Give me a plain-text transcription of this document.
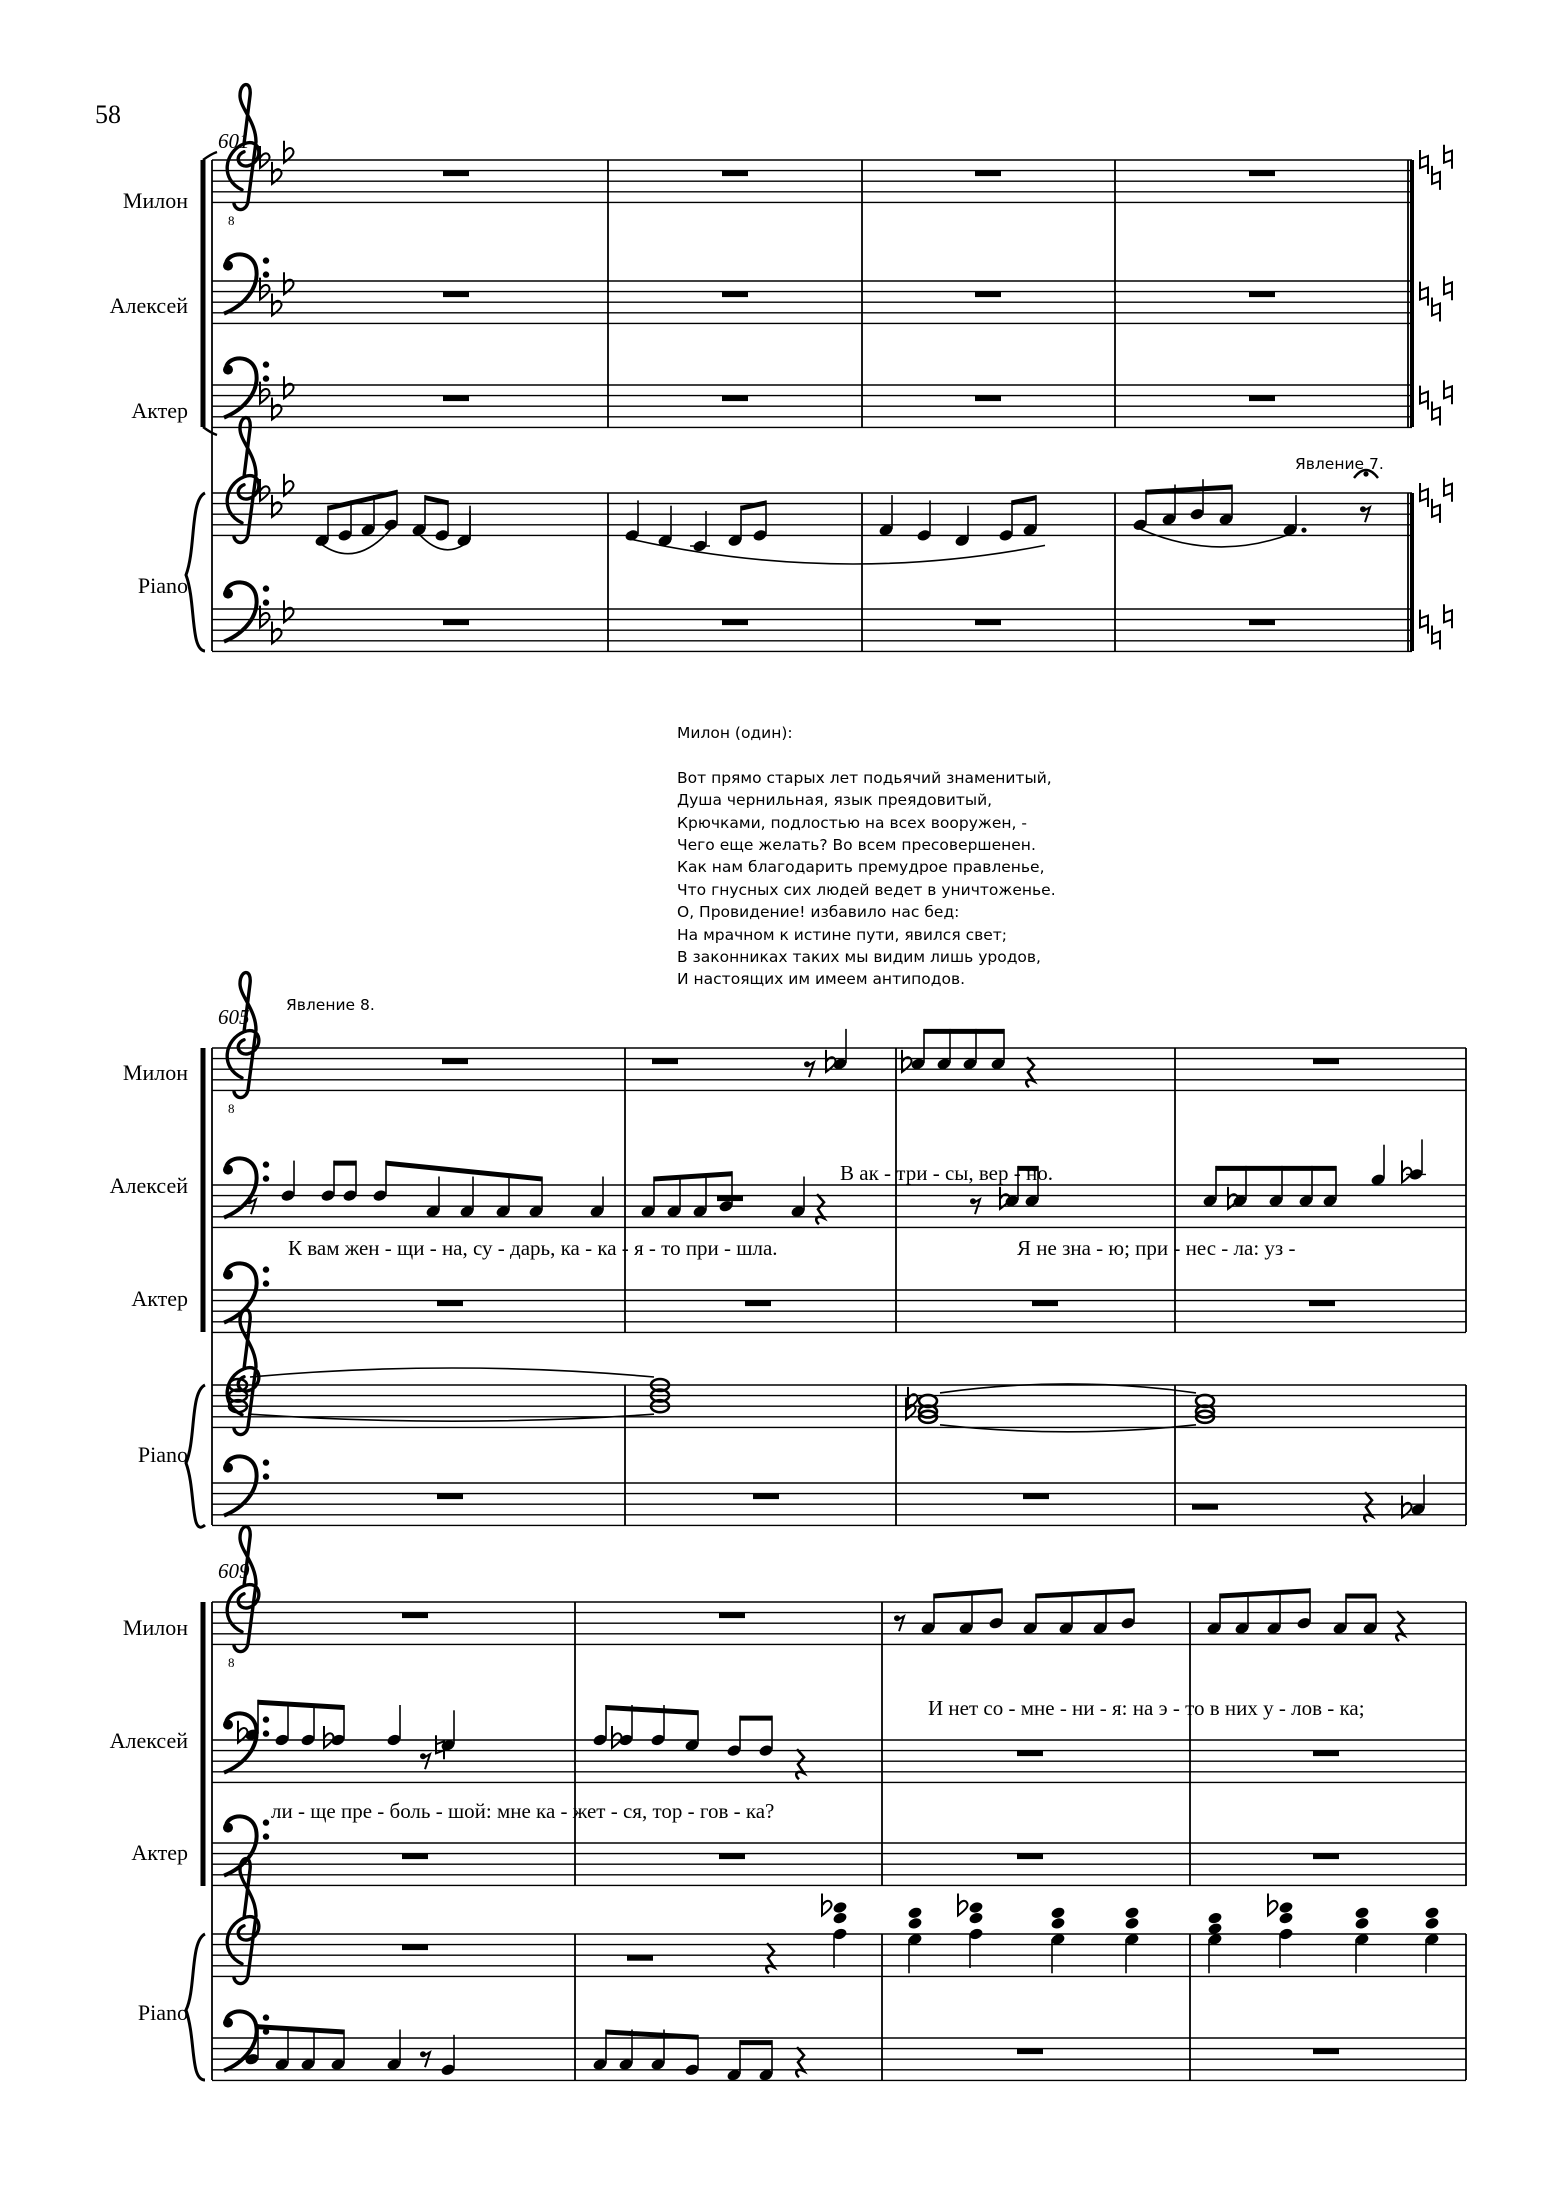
58
8
Милон
Алексей
Актер
Piano
601
Явление 7.
8
Милон
Алексей
Актер
Piano
605 Явление 8.
В ак - три - сы, вер - но.
К вам жен - щи - на, су - дарь, ка - ка - я - то при - шла.	Я не зна - ю; при - нес - ла: уз -
8
Милон
Алексей
Актер
Piano
609
И нет со - мне - ни - я: на э - то в них у - лов - ка;
ли - ще пре - боль - шой: мне ка - жет - ся, тор - гов - ка?
Милон (один):

Вот прямо старых лет подьячий знаменитый,
Душа чернильная, язык преядовитый,
Крючками, подлостью на всех вооружен, -
Чего еще желать? Во всем пресовершенен.
Как нам благодарить премудрое правленье,
Что гнусных сих людей ведет в уничтоженье.
О, Провидение! избавило нас бед:
На мрачном к истине пути, явился свет;
В законниках таких мы видим лишь уродов,
И настоящих им имеем антиподов.
